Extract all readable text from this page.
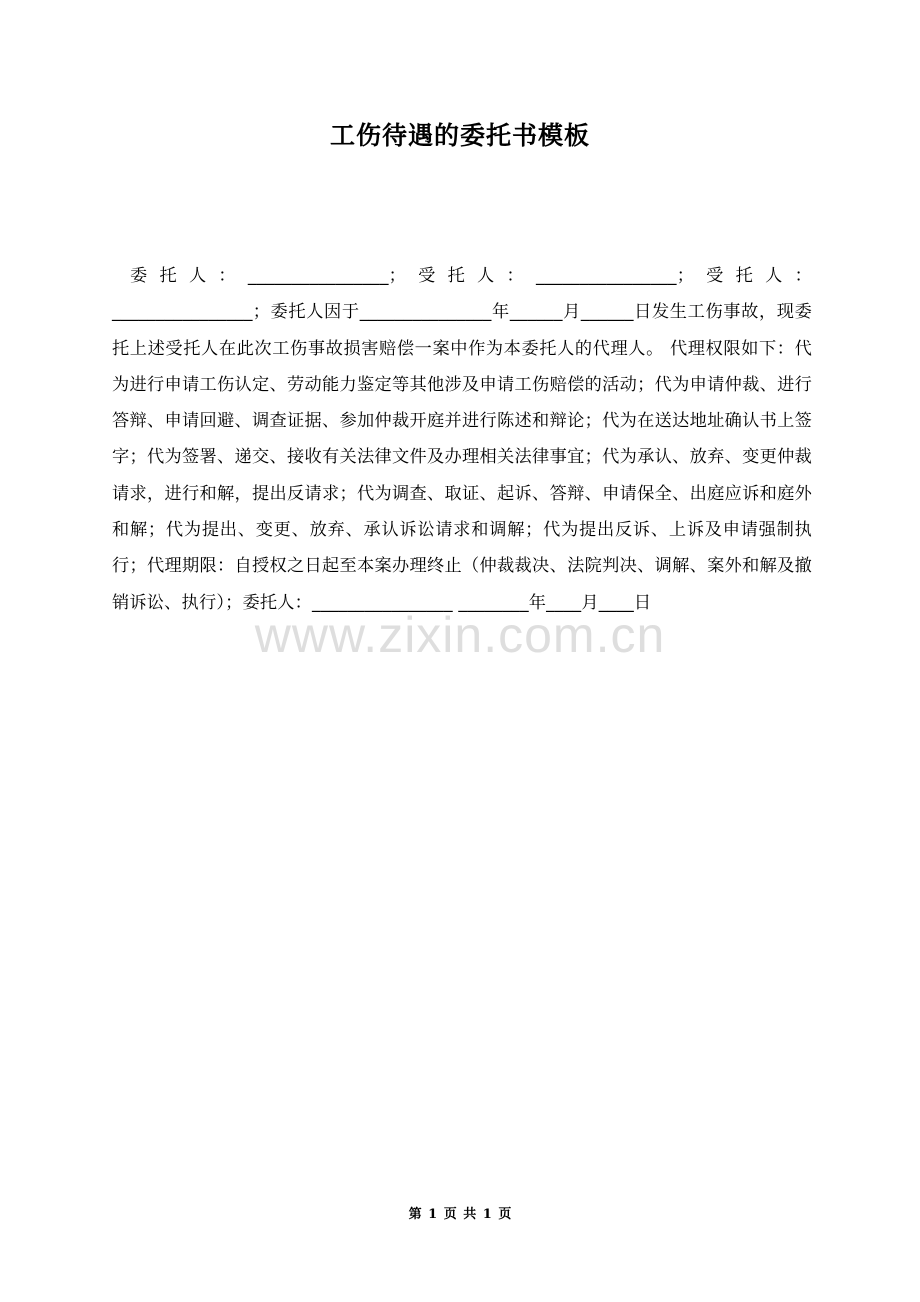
工伤待遇的委托书模板

委托人：________________；受托人：________________；受托人：________________；委托人因于_______________年______月______日发生工伤事故，现委托上述受托人在此次工伤事故损害赔偿一案中作为本委托人的代理人。 代理权限如下：代为进行申请工伤认定、劳动能力鉴定等其他涉及申请工伤赔偿的活动；代为申请仲裁、进行答辩、申请回避、调查证据、参加仲裁开庭并进行陈述和辩论；代为在送达地址确认书上签字；代为签署、递交、接收有关法律文件及办理相关法律事宜；代为承认、放弃、变更仲裁请求，进行和解，提出反请求；代为调查、取证、起诉、答辩、申请保全、出庭应诉和庭外和解；代为提出、变更、放弃、承认诉讼请求和调解；代为提出反诉、上诉及申请强制执行；代理期限：自授权之日起至本案办理终止（仲裁裁决、法院判决、调解、案外和解及撤销诉讼、执行）；委托人：________________ ________年____月____日

www.zixin.com.cn

第 1 页 共 1 页
